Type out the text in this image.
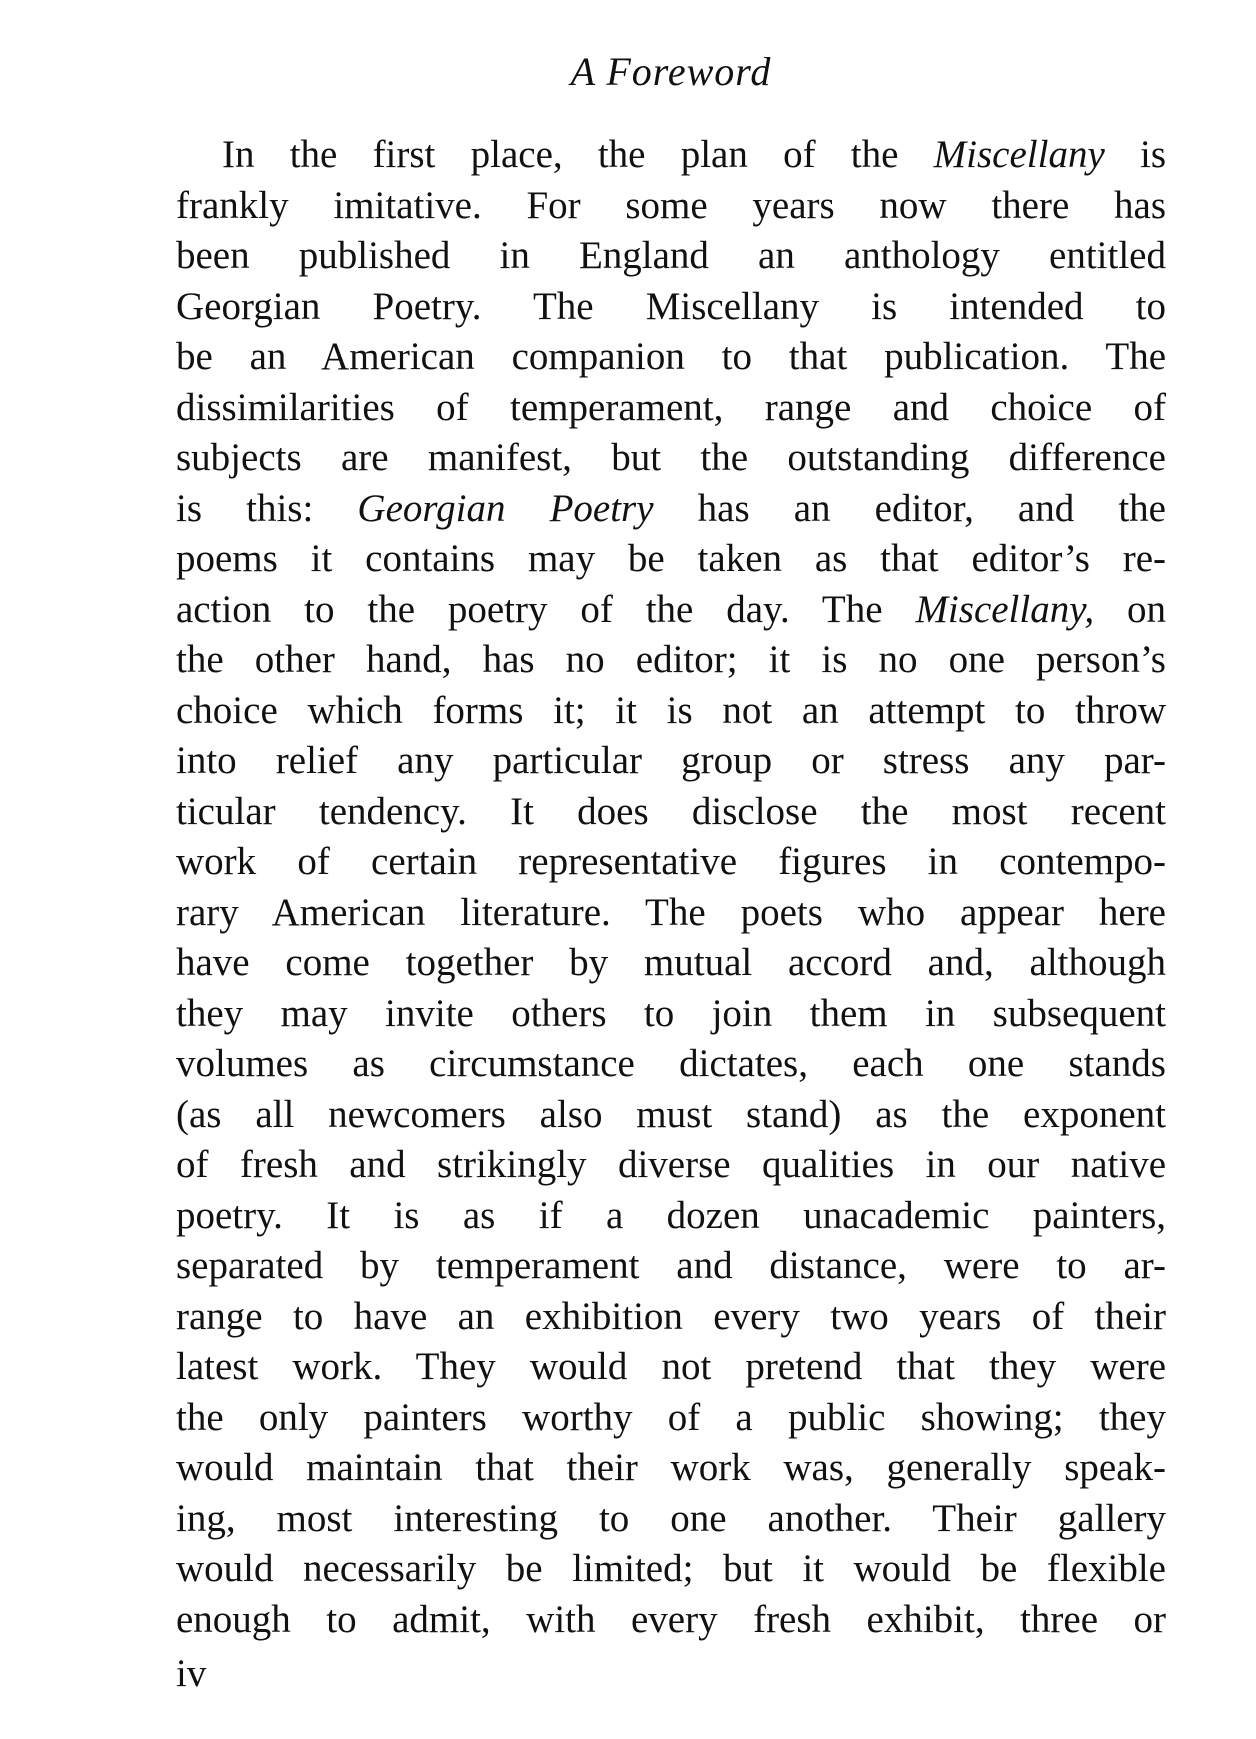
A Foreword
In the first place, the plan of the Miscellany is
frankly imitative. For some years now there has
been published in England an anthology entitled
Georgian Poetry. The Miscellany is intended to
be an American companion to that publication. The
dissimilarities of temperament, range and choice of
subjects are manifest, but the outstanding difference
is this: Georgian Poetry has an editor, and the
poems it contains may be taken as that editor’s re-
action to the poetry of the day. The Miscellany, on
the other hand, has no editor; it is no one person’s
choice which forms it; it is not an attempt to throw
into relief any particular group or stress any par-
ticular tendency. It does disclose the most recent
work of certain representative figures in contempo-
rary American literature. The poets who appear here
have come together by mutual accord and, although
they may invite others to join them in subsequent
volumes as circumstance dictates, each one stands
(as all newcomers also must stand) as the exponent
of fresh and strikingly diverse qualities in our native
poetry. It is as if a dozen unacademic painters,
separated by temperament and distance, were to ar-
range to have an exhibition every two years of their
latest work. They would not pretend that they were
the only painters worthy of a public showing; they
would maintain that their work was, generally speak-
ing, most interesting to one another. Their gallery
would necessarily be limited; but it would be flexible
enough to admit, with every fresh exhibit, three or
iv
